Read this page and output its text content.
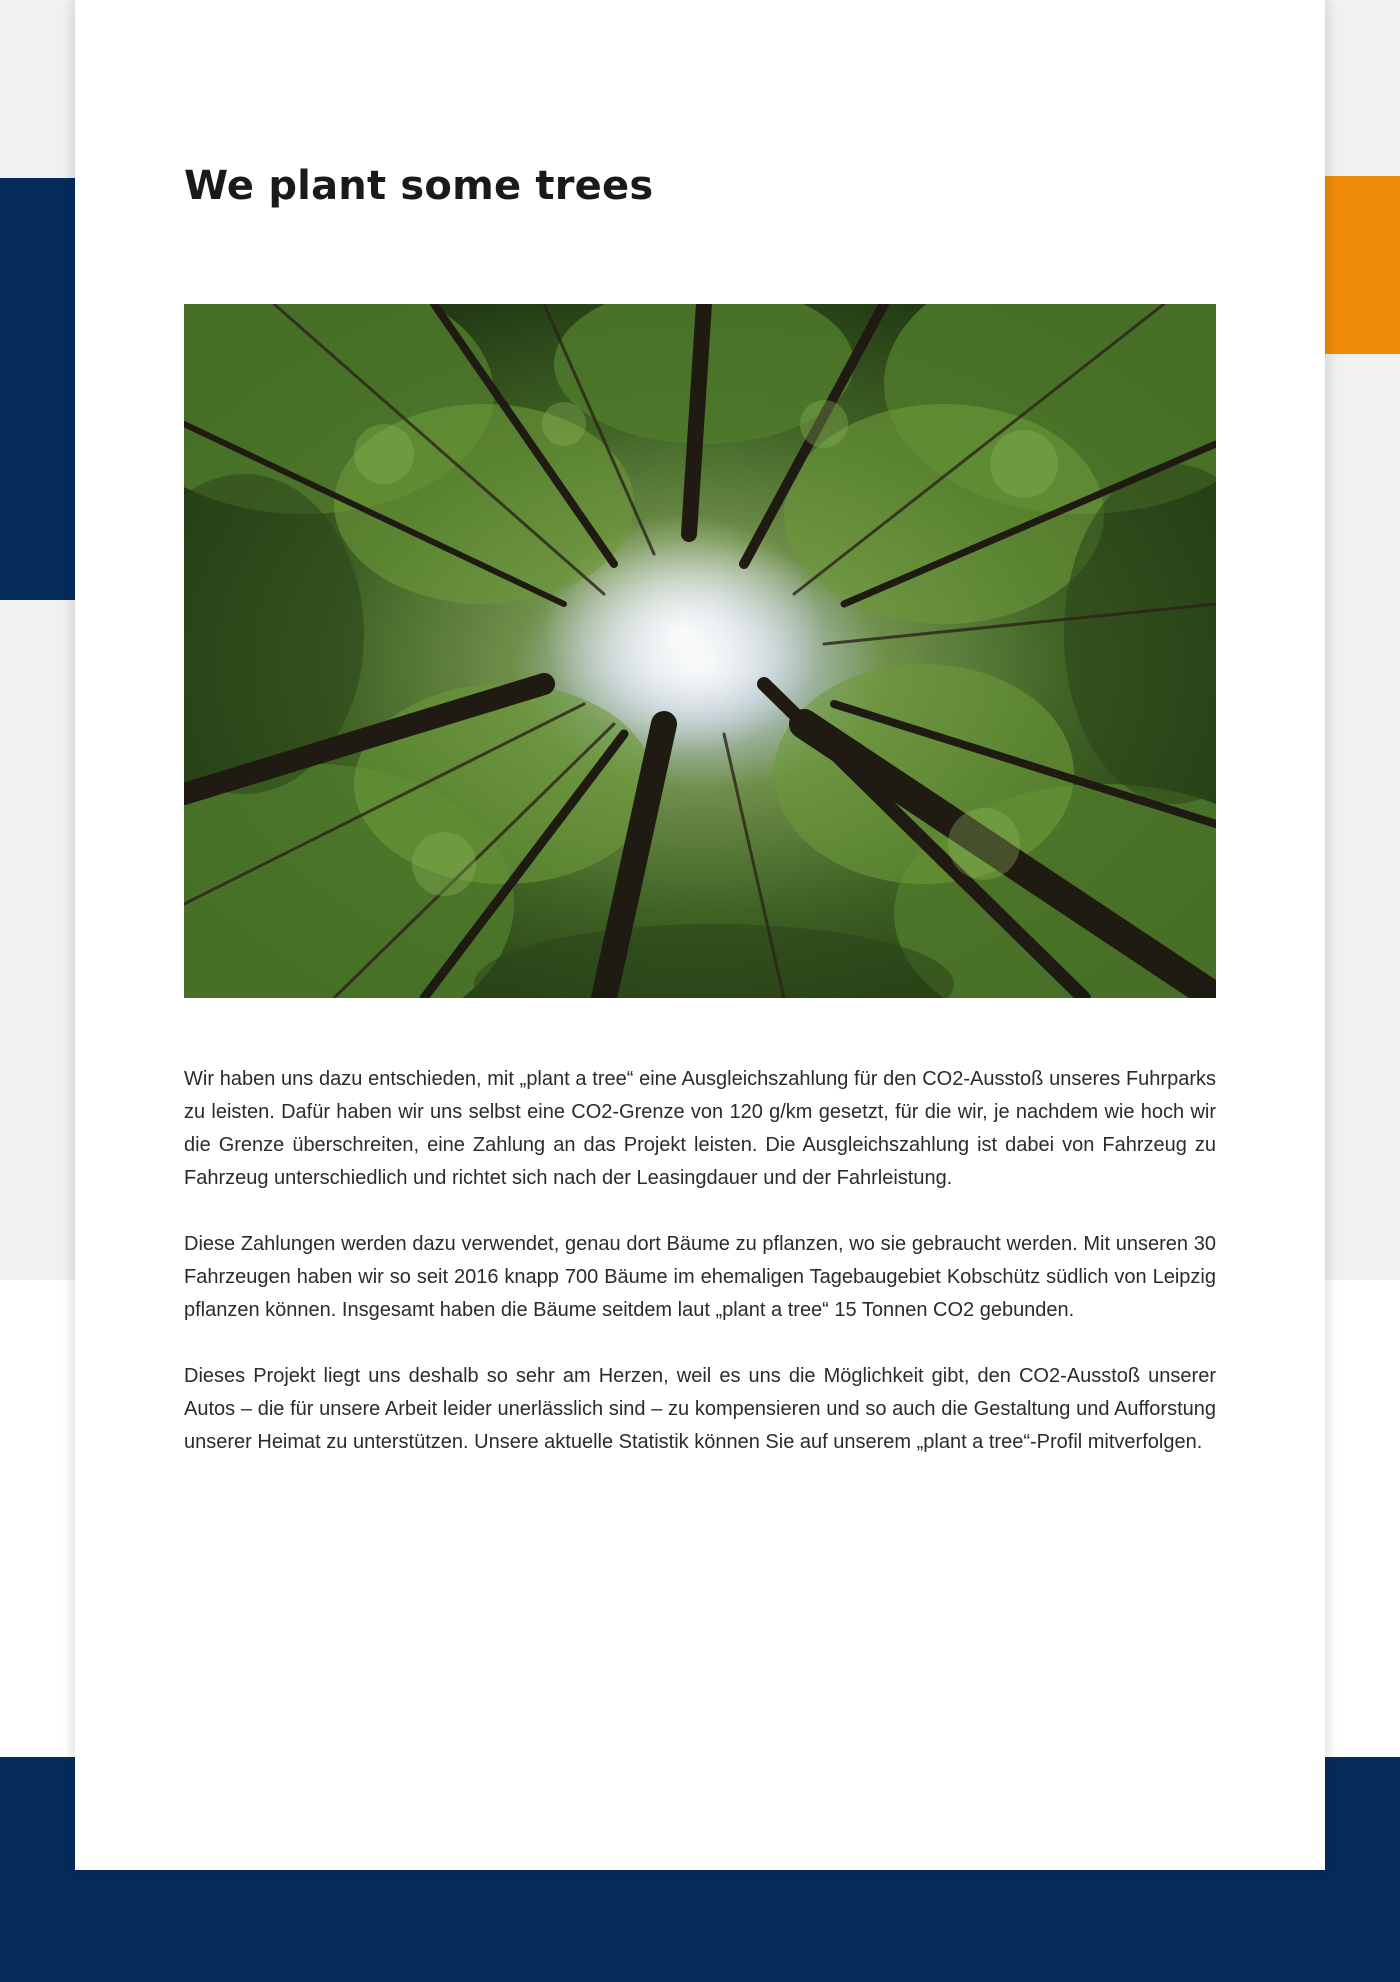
We plant some trees

Wir haben uns dazu entschieden, mit „plant a tree“ eine Ausgleichszahlung für den CO2-Ausstoß unseres Fuhrparks zu leisten. Dafür haben wir uns selbst eine CO2-Grenze von 120 g/km gesetzt, für die wir, je nachdem wie hoch wir die Grenze überschreiten, eine Zahlung an das Projekt leisten. Die Ausgleichszahlung ist dabei von Fahrzeug zu Fahrzeug unterschiedlich und richtet sich nach der Leasingdauer und der Fahrleistung.

Diese Zahlungen werden dazu verwendet, genau dort Bäume zu pflanzen, wo sie gebraucht werden. Mit unseren 30 Fahrzeugen haben wir so seit 2016 knapp 700 Bäume im ehemaligen Tagebaugebiet Kobschütz südlich von Leipzig pflanzen können. Insgesamt haben die Bäume seitdem laut „plant a tree“ 15 Tonnen CO2 gebunden.

Dieses Projekt liegt uns deshalb so sehr am Herzen, weil es uns die Möglichkeit gibt, den CO2-Ausstoß unserer Autos – die für unsere Arbeit leider unerlässlich sind – zu kompensieren und so auch die Gestaltung und Aufforstung unserer Heimat zu unterstützen. Unsere aktuelle Statistik können Sie auf unserem „plant a tree“-Profil mitverfolgen.
